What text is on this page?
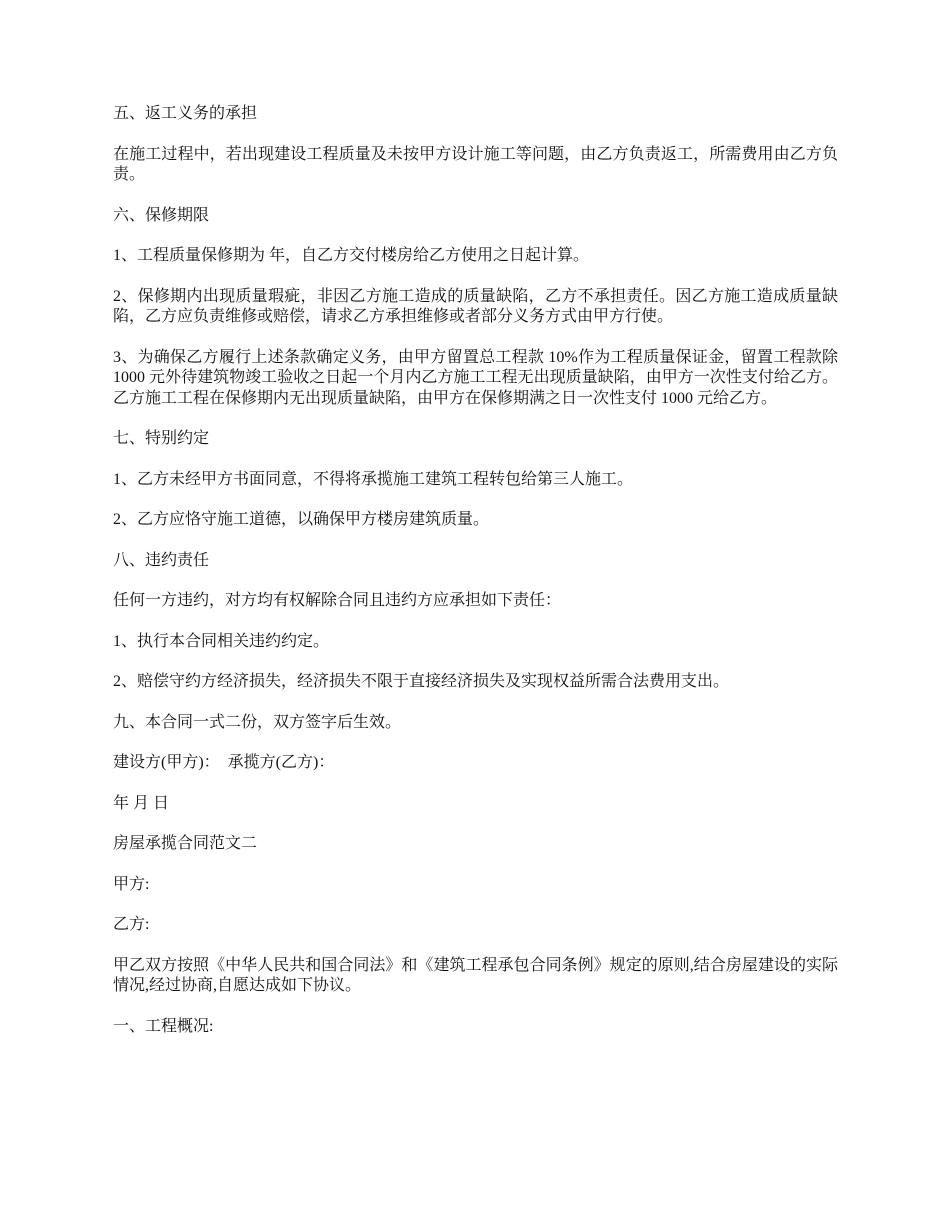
五、返工义务的承担

在施工过程中，若出现建设工程质量及未按甲方设计施工等问题，由乙方负责返工，所需费用由乙方负责。

六、保修期限

1、工程质量保修期为 年，自乙方交付楼房给乙方使用之日起计算。

2、保修期内出现质量瑕疵，非因乙方施工造成的质量缺陷，乙方不承担责任。因乙方施工造成质量缺陷，乙方应负责维修或赔偿，请求乙方承担维修或者部分义务方式由甲方行使。

3、为确保乙方履行上述条款确定义务，由甲方留置总工程款 10%作为工程质量保证金，留置工程款除 1000 元外待建筑物竣工验收之日起一个月内乙方施工工程无出现质量缺陷，由甲方一次性支付给乙方。乙方施工工程在保修期内无出现质量缺陷，由甲方在保修期满之日一次性支付 1000 元给乙方。

七、特别约定

1、乙方未经甲方书面同意，不得将承揽施工建筑工程转包给第三人施工。

2、乙方应恪守施工道德，以确保甲方楼房建筑质量。

八、违约责任

任何一方违约，对方均有权解除合同且违约方应承担如下责任：

1、执行本合同相关违约约定。

2、赔偿守约方经济损失，经济损失不限于直接经济损失及实现权益所需合法费用支出。

九、本合同一式二份，双方签字后生效。

建设方(甲方)：  承揽方(乙方)：

年 月 日

房屋承揽合同范文二

甲方:

乙方:

甲乙双方按照《中华人民共和国合同法》和《建筑工程承包合同条例》规定的原则,结合房屋建设的实际情况,经过协商,自愿达成如下协议。

一、工程概况:
